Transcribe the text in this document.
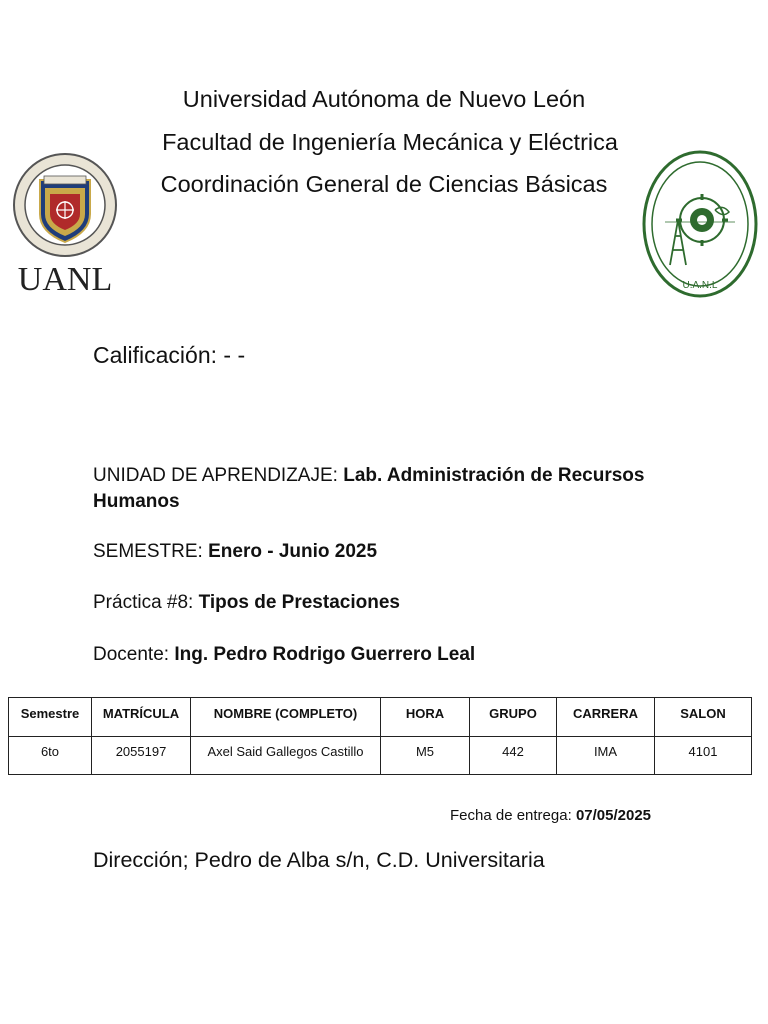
Universidad Autónoma de Nuevo León
Facultad de Ingeniería Mecánica y Eléctrica
Coordinación General de Ciencias Básicas
UANL	U.A.N.L
Calificación: - -
UNIDAD DE APRENDIZAJE: Lab. Administración de Recursos Humanos
SEMESTRE: Enero - Junio 2025
Práctica #8: Tipos de Prestaciones
Docente: Ing. Pedro Rodrigo Guerrero Leal
Semestre	MATRÍCULA	NOMBRE (COMPLETO)	HORA	GRUPO	CARRERA	SALON
6to	2055197	Axel Said Gallegos Castillo	M5	442	IMA	4101
Fecha de entrega: 07/05/2025
Dirección; Pedro de Alba s/n, C.D. Universitaria
